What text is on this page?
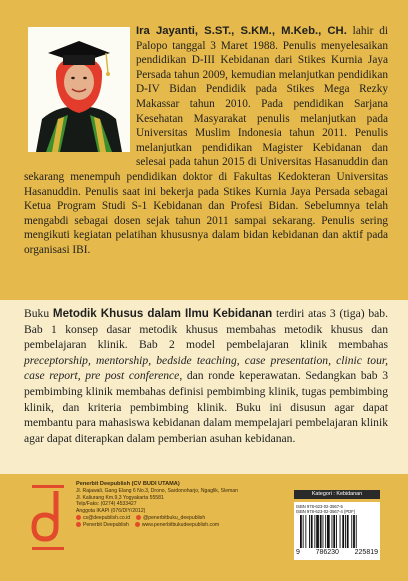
Ira Jayanti, S.ST., S.KM., M.Keb., CH. lahir di Palopo tanggal 3 Maret 1988. Penulis menyelesaikan pendidikan D-III Kebidanan dari Stikes Kurnia Jaya Persada tahun 2009, kemudian melanjutkan pendidikan D-IV Bidan Pendidik pada Stikes Mega Rezky Makassar tahun 2010. Pada pendidikan Sarjana Kesehatan Masyarakat penulis melanjutkan pada Universitas Muslim Indonesia tahun 2011. Penulis melanjutkan pendidikan Magister Kebidanan dan selesai pada tahun 2015 di Universitas Hasanuddin dan sekarang menempuh pendidikan doktor di Fakultas Kedokteran Universitas Hasanuddin. Penulis saat ini bekerja pada Stikes Kurnia Jaya Persada sebagai Ketua Program Studi S-1 Kebidanan dan Profesi Bidan. Sebelumnya telah mengabdi sebagai dosen sejak tahun 2011 sampai sekarang. Penulis sering mengikuti kegiatan pelatihan khususnya dalam bidan kebidanan dan aktif pada organisasi IBI.

Buku Metodik Khusus dalam Ilmu Kebidanan terdiri atas 3 (tiga) bab. Bab 1 konsep dasar metodik khusus membahas metodik khusus dan pembelajaran klinik. Bab 2 model pembelajaran klinik membahas preceptorship, mentorship, bedside teaching, case presentation, clinic tour, case report, pre post conference, dan ronde keperawatan. Sedangkan bab 3 pembimbing klinik membahas definisi pembimbing klinik, tugas pembimbing klinik, dan kriteria pembimbing klinik. Buku ini disusun agar dapat membantu para mahasiswa kebidanan dalam mempelajari pembelajaran klinik agar dapat diterapkan dalam pemberian asuhan kebidanan.

Penerbit Deepublish (CV BUDI UTAMA)
Jl. Rajawali, Gang Elang 6 No.3, Drono, Sardonoharjo, Ngaglik, Sleman
Jl. Kaliurang Km.9,3 Yogyakarta 55581
Telp/Faks: (0274) 4533427
Anggota IKAPI (076/DIY/2012)
cs@deepublish.co.id	@penerbitbuku_deepublish
Penerbit Deepublish	www.penerbitbukudeepublish.com
Kategori : Kebidanan
ISBN 978-623-02-3567-5
ISBN 978-623-02-3567-4 (PDF)
9 786230 225819
